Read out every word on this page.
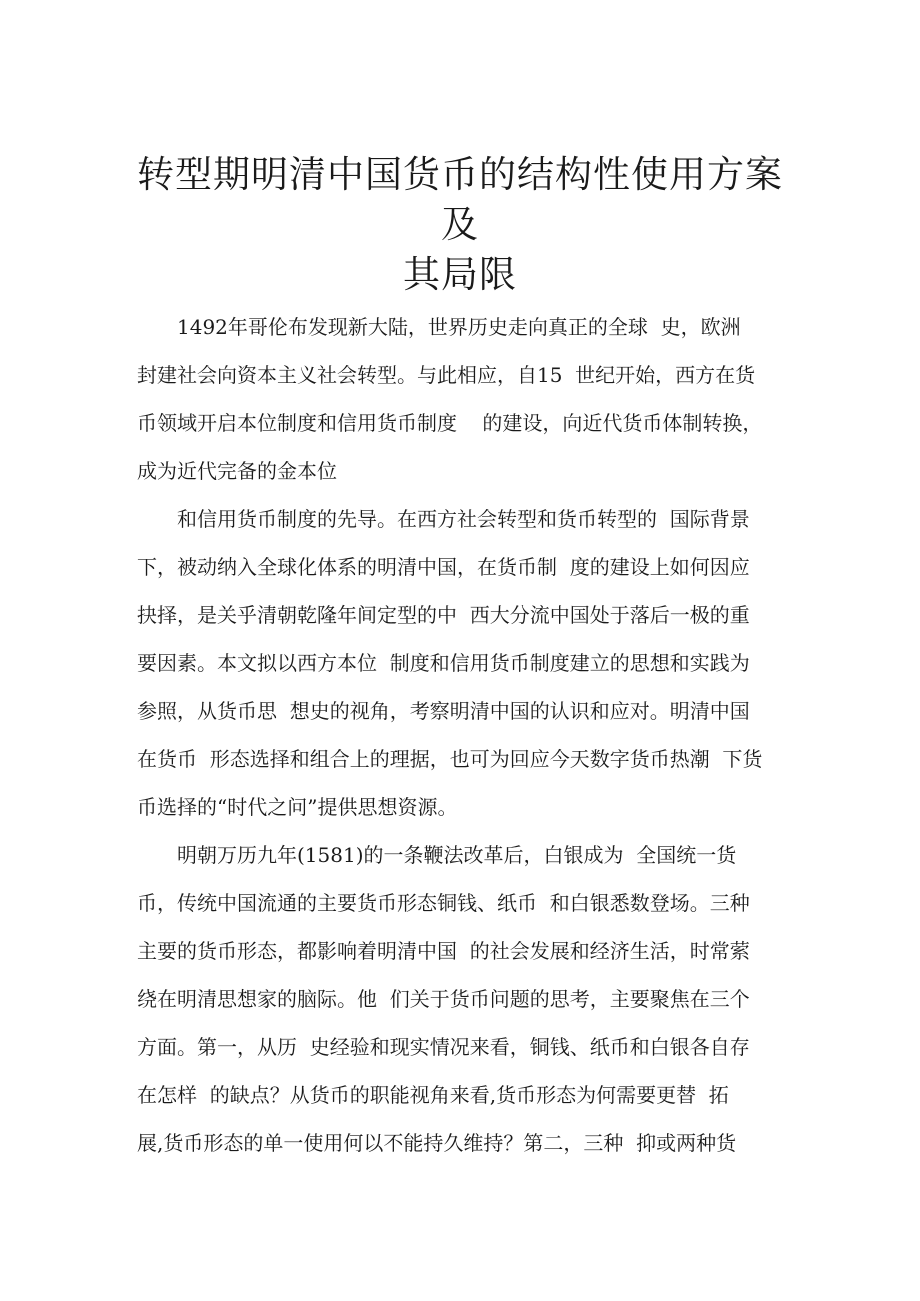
转型期明清中国货币的结构性使用方案及
其局限
　　1492年哥伦布发现新大陆，世界历史走向真正的全球  史，欧洲
封建社会向资本主义社会转型。与此相应，自15  世纪开始，西方在货
币领域开启本位制度和信用货币制度    的建设，向近代货币体制转换，
成为近代完备的金本位
　　和信用货币制度的先导。在西方社会转型和货币转型的  国际背景
下，被动纳入全球化体系的明清中国，在货币制  度的建设上如何因应
抉择，是关乎清朝乾隆年间定型的中  西大分流中国处于落后一极的重
要因素。本文拟以西方本位  制度和信用货币制度建立的思想和实践为
参照，从货币思  想史的视角，考察明清中国的认识和应对。明清中国
在货币  形态选择和组合上的理据，也可为回应今天数字货币热潮  下货
币选择的“时代之问”提供思想资源。
　　明朝万历九年(1581)的一条鞭法改革后，白银成为  全国统一货
币，传统中国流通的主要货币形态铜钱、纸币  和白银悉数登场。三种
主要的货币形态，都影响着明清中国  的社会发展和经济生活，时常萦
绕在明清思想家的脑际。他  们关于货币问题的思考，主要聚焦在三个
方面。第一，从历  史经验和现实情况来看，铜钱、纸币和白银各自存
在怎样  的缺点？从货币的职能视角来看,货币形态为何需要更替  拓
展,货币形态的单一使用何以不能持久维持？第二，三种  抑或两种货
